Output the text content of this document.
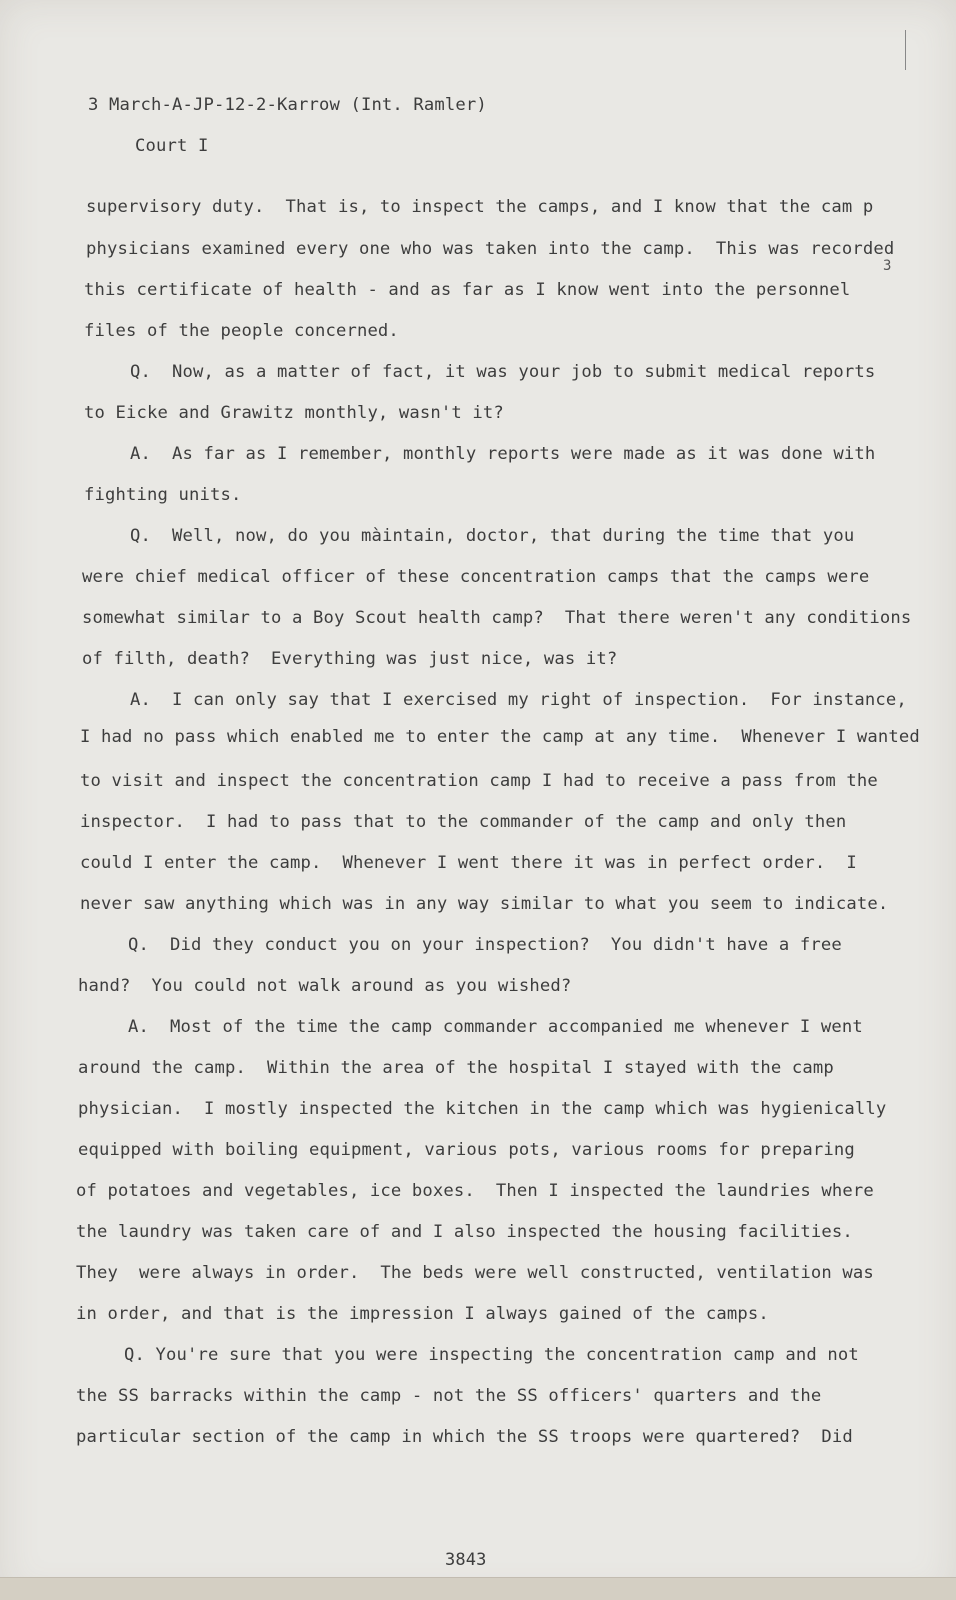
3 March-A-JP-12-2-Karrow (Int. Ramler)
Court I
supervisory duty.  That is, to inspect the camps, and I know that the cam p
physicians examined every one who was taken into the camp.  This was recorded
this certificate of health - and as far as I know went into the personnel
files of the people concerned.
Q.  Now, as a matter of fact, it was your job to submit medical reports
to Eicke and Grawitz monthly, wasn't it?
A.  As far as I remember, monthly reports were made as it was done with
fighting units.
Q.  Well, now, do you màintain, doctor, that during the time that you
were chief medical officer of these concentration camps that the camps were
somewhat similar to a Boy Scout health camp?  That there weren't any conditions
of filth, death?  Everything was just nice, was it?
A.  I can only say that I exercised my right of inspection.  For instance,
I had no pass which enabled me to enter the camp at any time.  Whenever I wanted
to visit and inspect the concentration camp I had to receive a pass from the
inspector.  I had to pass that to the commander of the camp and only then
could I enter the camp.  Whenever I went there it was in perfect order.  I
never saw anything which was in any way similar to what you seem to indicate.
Q.  Did they conduct you on your inspection?  You didn't have a free
hand?  You could not walk around as you wished?
A.  Most of the time the camp commander accompanied me whenever I went
around the camp.  Within the area of the hospital I stayed with the camp
physician.  I mostly inspected the kitchen in the camp which was hygienically
equipped with boiling equipment, various pots, various rooms for preparing
of potatoes and vegetables, ice boxes.  Then I inspected the laundries where
the laundry was taken care of and I also inspected the housing facilities.
They  were always in order.  The beds were well constructed, ventilation was
in order, and that is the impression I always gained of the camps.
Q. You're sure that you were inspecting the concentration camp and not
the SS barracks within the camp - not the SS officers' quarters and the
particular section of the camp in which the SS troops were quartered?  Did
3
3843
